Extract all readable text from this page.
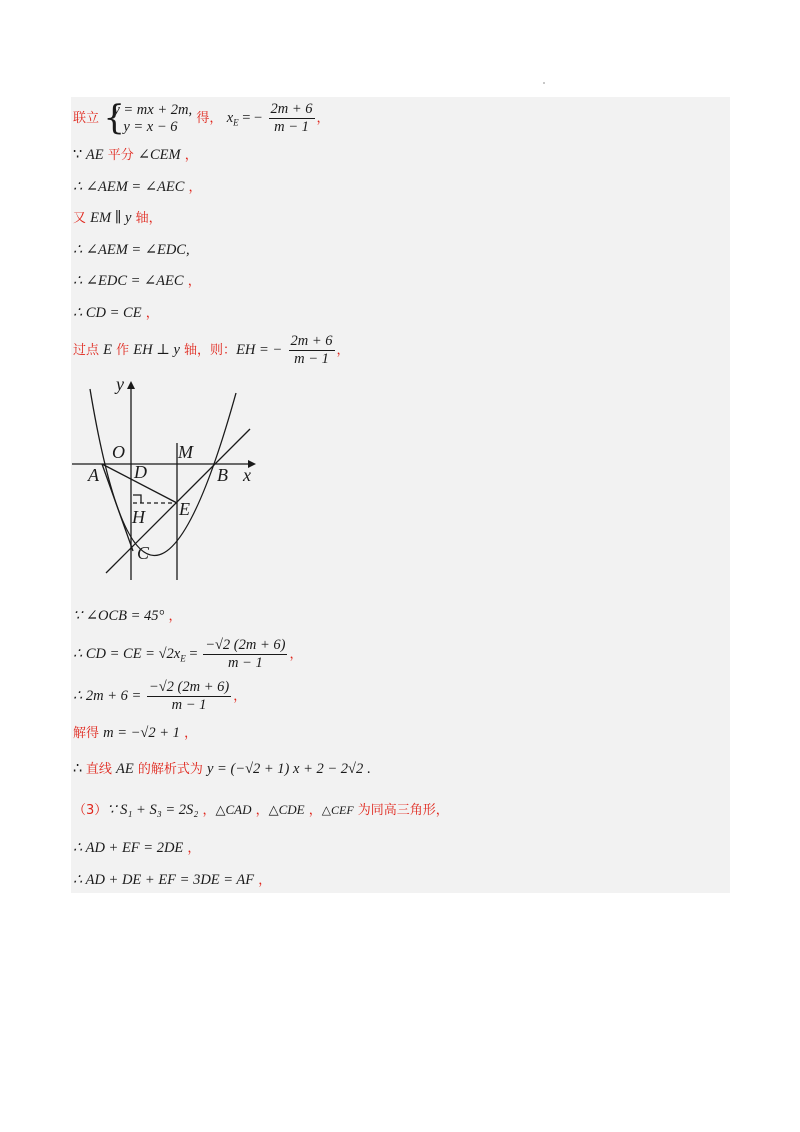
联立 {
y = mx + 2m,
y = x − 6	得， $x_E$ = − $\frac{2m + 6}{m - 1}$ ，
∵ AE 平分 ∠CEM ，
∴ ∠AEM = ∠AEC ，
又 EM ∥ y 轴，
∴ ∠AEM = ∠EDC,
∴ ∠EDC = ∠AEC ，
∴ CD = CE ，
过点 E 作 EH ⊥ y 轴，则：EH = − $\frac{2m + 6}{m - 1}$ ，
y
x
O	M
A D	B
H E
C
∵ ∠OCB = 45° ，
∴ CD = CE = $√2x_E = \frac{-√2 (2m + 6)}{m - 1}$ ，
∴ $2m + 6 = \frac{-√2 (2m + 6)}{m - 1}$ ，
解得 m = −√2 + 1 ，
∴ 直线 AE 的解析式为 y = (−√2 + 1) x + 2 − 2√2 .
（3）∵ S₁ + S₃ = 2S₂ ，△CAD ，△CDE ，△CEF 为同高三角形，
∴ AD + EF = 2DE ，
∴ AD + DE + EF = 3DE = AF ，
